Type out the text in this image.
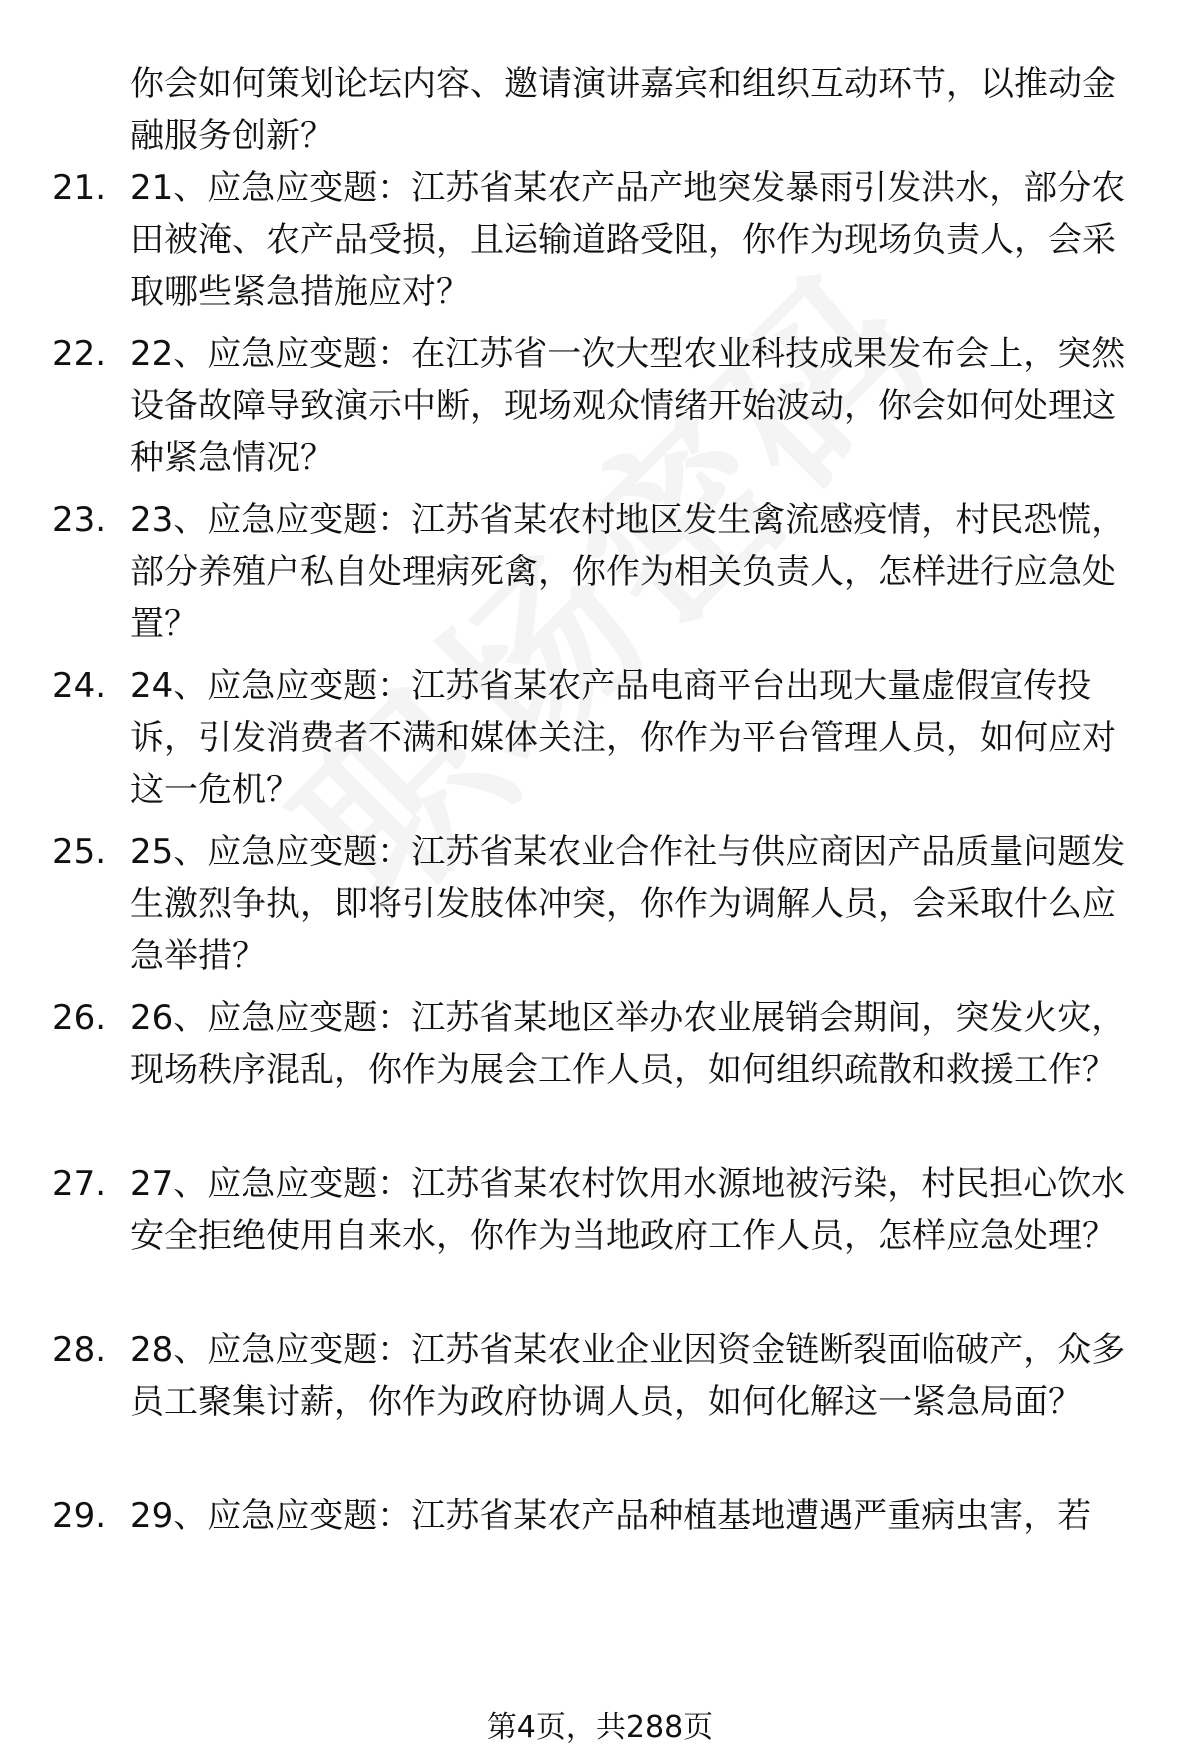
你会如何策划论坛内容、邀请演讲嘉宾和组织互动环节，以推动金融服务创新？
21. 21、应急应变题：江苏省某农产品产地突发暴雨引发洪水，部分农田被淹、农产品受损，且运输道路受阻，你作为现场负责人，会采取哪些紧急措施应对？
22. 22、应急应变题：在江苏省一次大型农业科技成果发布会上，突然设备故障导致演示中断，现场观众情绪开始波动，你会如何处理这种紧急情况？
23. 23、应急应变题：江苏省某农村地区发生禽流感疫情，村民恐慌，部分养殖户私自处理病死禽，你作为相关负责人，怎样进行应急处置？
24. 24、应急应变题：江苏省某农产品电商平台出现大量虚假宣传投诉，引发消费者不满和媒体关注，你作为平台管理人员，如何应对这一危机？
25. 25、应急应变题：江苏省某农业合作社与供应商因产品质量问题发生激烈争执，即将引发肢体冲突，你作为调解人员，会采取什么应急举措？
26. 26、应急应变题：江苏省某地区举办农业展销会期间，突发火灾，现场秩序混乱，你作为展会工作人员，如何组织疏散和救援工作？
27. 27、应急应变题：江苏省某农村饮用水源地被污染，村民担心饮水安全拒绝使用自来水，你作为当地政府工作人员，怎样应急处理？
28. 28、应急应变题：江苏省某农业企业因资金链断裂面临破产，众多员工聚集讨薪，你作为政府协调人员，如何化解这一紧急局面？
29. 29、应急应变题：江苏省某农产品种植基地遭遇严重病虫害，若
第4页，共288页
